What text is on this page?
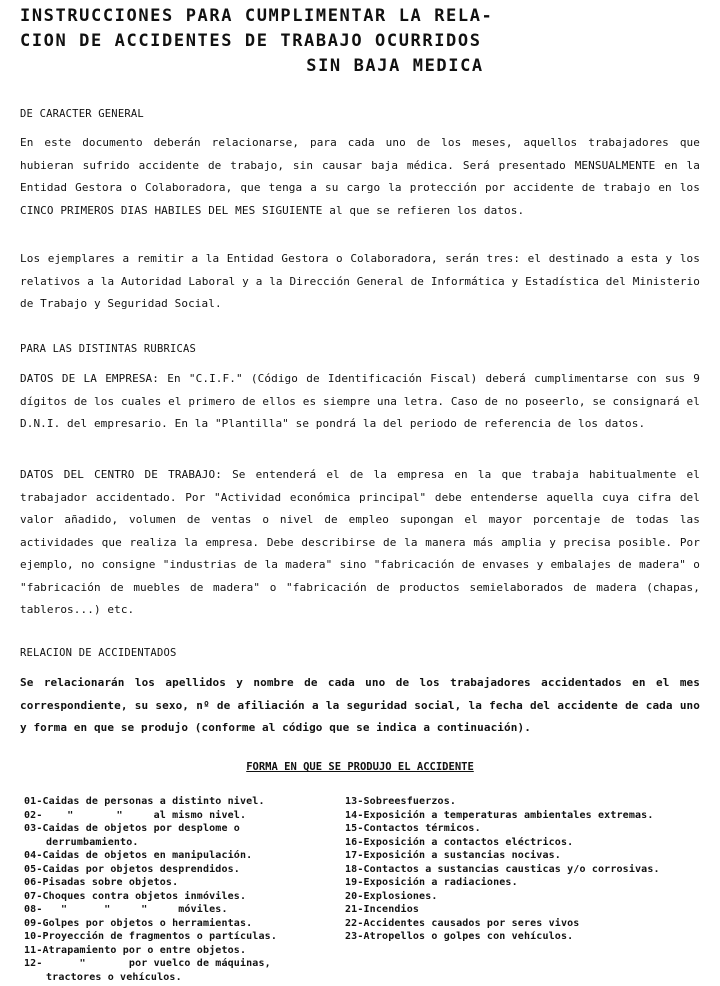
INSTRUCCIONES PARA CUMPLIMENTAR LA RELA-
CION DE ACCIDENTES DE TRABAJO OCURRIDOS
SIN BAJA MEDICA
DE CARACTER GENERAL
En este documento deberán relacionarse, para cada uno de los meses, aquellos trabajadores que hubieran sufrido accidente de trabajo, sin causar baja médica. Será presentado MENSUALMENTE en la Entidad Gestora o Colaboradora, que tenga a su cargo la protección por accidente de trabajo en los CINCO PRIMEROS DIAS HABILES DEL MES SIGUIENTE al que se refieren los datos.
Los ejemplares a remitir a la Entidad Gestora o Colaboradora, serán tres: el destinado a esta y los relativos a la Autoridad Laboral y a la Dirección General de Informática y Estadística del Ministerio de Trabajo y Seguridad Social.
PARA LAS DISTINTAS RUBRICAS
DATOS DE LA EMPRESA: En "C.I.F." (Código de Identificación Fiscal) deberá cumplimentarse con sus 9 dígitos de los cuales el primero de ellos es siempre una letra. Caso de no poseerlo, se consignará el D.N.I. del empresario. En la "Plantilla" se pondrá la del periodo de referencia de los datos.
DATOS DEL CENTRO DE TRABAJO: Se entenderá el de la empresa en la que trabaja habitualmente el trabajador accidentado. Por "Actividad económica principal" debe entenderse aquella cuya cifra del valor añadido, volumen de ventas o nivel de empleo supongan el mayor porcentaje de todas las actividades que realiza la empresa. Debe describirse de la manera más amplia y precisa posible. Por ejemplo, no consigne "industrias de la madera" sino "fabricación de envases y embalajes de madera" o "fabricación de muebles de madera" o "fabricación de productos semielaborados de madera (chapas, tableros...) etc.
RELACION DE ACCIDENTADOS
Se relacionarán los apellidos y nombre de cada uno de los trabajadores accidentados en el mes correspondiente, su sexo, nº de afiliación a la seguridad social, la fecha del accidente de cada uno y forma en que se produjo (conforme al código que se indica a continuación).
FORMA EN QUE SE PRODUJO EL ACCIDENTE
01-Caidas de personas a distinto nivel.
02-    "       "     al mismo nivel.
03-Caidas de objetos por desplome o derrumbamiento.
04-Caidas de objetos en manipulación.
05-Caidas por objetos desprendidos.
06-Pisadas sobre objetos.
07-Choques contra objetos inmóviles.
08-   "      "     "     móviles.
09-Golpes por objetos o herramientas.
10-Proyección de fragmentos o partículas.
11-Atrapamiento por o entre objetos.
12-      "       por vuelco de máquinas, tractores o vehículos.
13-Sobreesfuerzos.
14-Exposición a temperaturas ambientales extremas.
15-Contactos térmicos.
16-Exposición a contactos eléctricos.
17-Exposición a sustancias nocivas.
18-Contactos a sustancias causticas y/o corrosivas.
19-Exposición a radiaciones.
20-Explosiones.
21-Incendios
22-Accidentes causados por seres vivos
23-Atropellos o golpes con vehículos.
